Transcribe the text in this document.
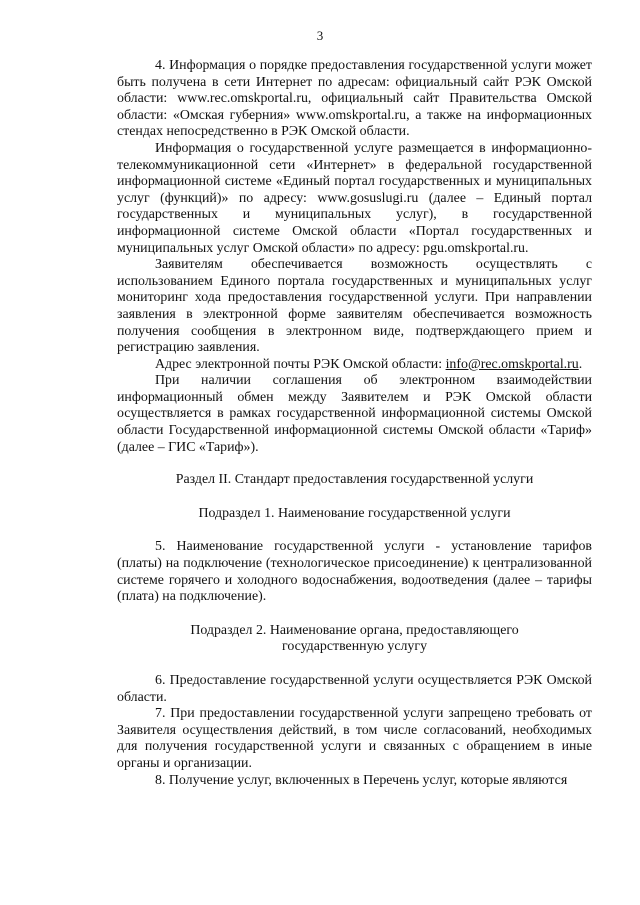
3

4. Информация о порядке предоставления государственной услуги может быть получена в сети Интернет по адресам: официальный сайт РЭК Омской области: www.rec.omskportal.ru, официальный сайт Правительства Омской области: «Омская губерния» www.omskportal.ru, а также на информационных стендах непосредственно в РЭК Омской области.

Информация о государственной услуге размещается в информационно-телекоммуникационной сети «Интернет» в федеральной государственной информационной системе «Единый портал государственных и муниципальных услуг (функций)» по адресу: www.gosuslugi.ru (далее – Единый портал государственных и муниципальных услуг), в государственной информационной системе Омской области «Портал государственных и муниципальных услуг Омской области» по адресу: pgu.omskportal.ru.

Заявителям обеспечивается возможность осуществлять с использованием Единого портала государственных и муниципальных услуг мониторинг хода предоставления государственной услуги. При направлении заявления в электронной форме заявителям обеспечивается возможность получения сообщения в электронном виде, подтверждающего прием и регистрацию заявления.

Адрес электронной почты РЭК Омской области: info@rec.omskportal.ru.

При наличии соглашения об электронном взаимодействии информационный обмен между Заявителем и РЭК Омской области осуществляется в рамках государственной информационной системы Омской области Государственной информационной системы Омской области «Тариф» (далее – ГИС «Тариф»).

Раздел II. Стандарт предоставления государственной услуги

Подраздел 1. Наименование государственной услуги

5. Наименование государственной услуги - установление тарифов (платы) на подключение (технологическое присоединение) к централизованной системе горячего и холодного водоснабжения, водоотведения (далее – тарифы (плата) на подключение).

Подраздел 2. Наименование органа, предоставляющего
государственную услугу

6. Предоставление государственной услуги осуществляется РЭК Омской области.

7. При предоставлении государственной услуги запрещено требовать от Заявителя осуществления действий, в том числе согласований, необходимых для получения государственной услуги и связанных с обращением в иные органы и организации.

8. Получение услуг, включенных в Перечень услуг, которые являются
